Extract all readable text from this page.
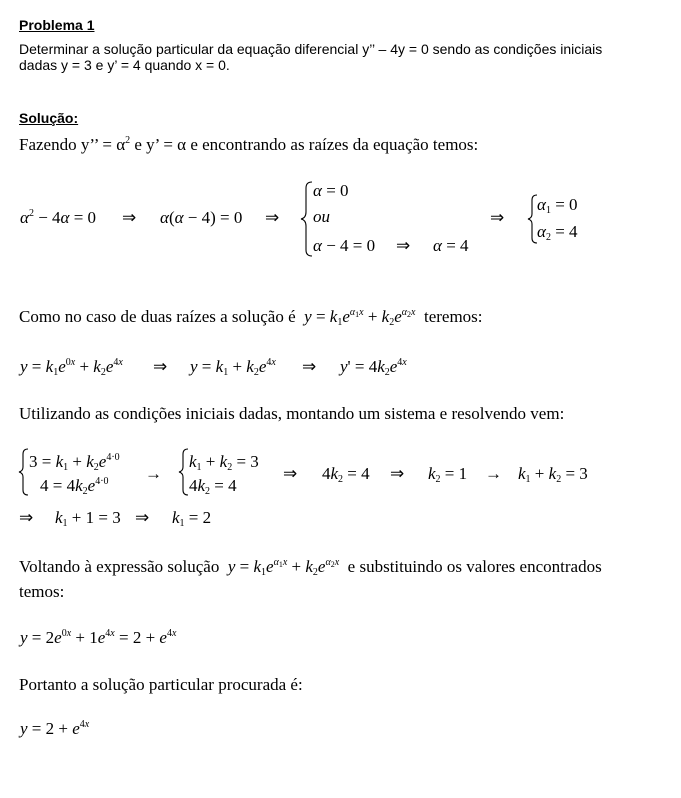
Problema 1
Determinar a solução particular da equação diferencial y’’ – 4y = 0 sendo as condições iniciais
dadas y = 3 e y’ = 4 quando x = 0.
Solução:
Fazendo y’’ = $\alpha^2$ e y’ = α e encontrando as raízes da equação temos:
$\alpha^2 - 4\alpha = 0$ ⇒ α(α − 4) = 0 ⇒
α = 0
ou
α − 4 = 0 ⇒ α = 4
⇒
$\alpha_1 = 0$
$\alpha_2 = 4$
Como no caso de duas raízes a solução é $y = k_1e^{\alpha_1x} + k_2e^{\alpha_2x}$ teremos:
$y = k_1e^{0x} + k_2e^{4x}$ ⇒ $y = k_1 + k_2e^{4x}$ ⇒ $y' = 4k_2e^{4x}$
Utilizando as condições iniciais dadas, montando um sistema e resolvendo vem:
$3 = k_1 + k_2e^{4\cdot 0}$
$4 = 4k_2e^{4\cdot 0}$ →
$k_1 + k_2 = 3$
$4k_2 = 4$
⇒ $4k_2 = 4$ ⇒ $k_2 = 1 \to k_1 + k_2 = 3$
⇒ $k_1 + 1 = 3$ ⇒ $k_1 = 2$
Voltando à expressão solução $y = k_1e^{\alpha_1x} + k_2e^{\alpha_2x}$ e substituindo os valores encontrados
temos:
$y = 2e^{0x} + 1e^{4x} = 2 + e^{4x}$
Portanto a solução particular procurada é:
$y = 2 + e^{4x}$
